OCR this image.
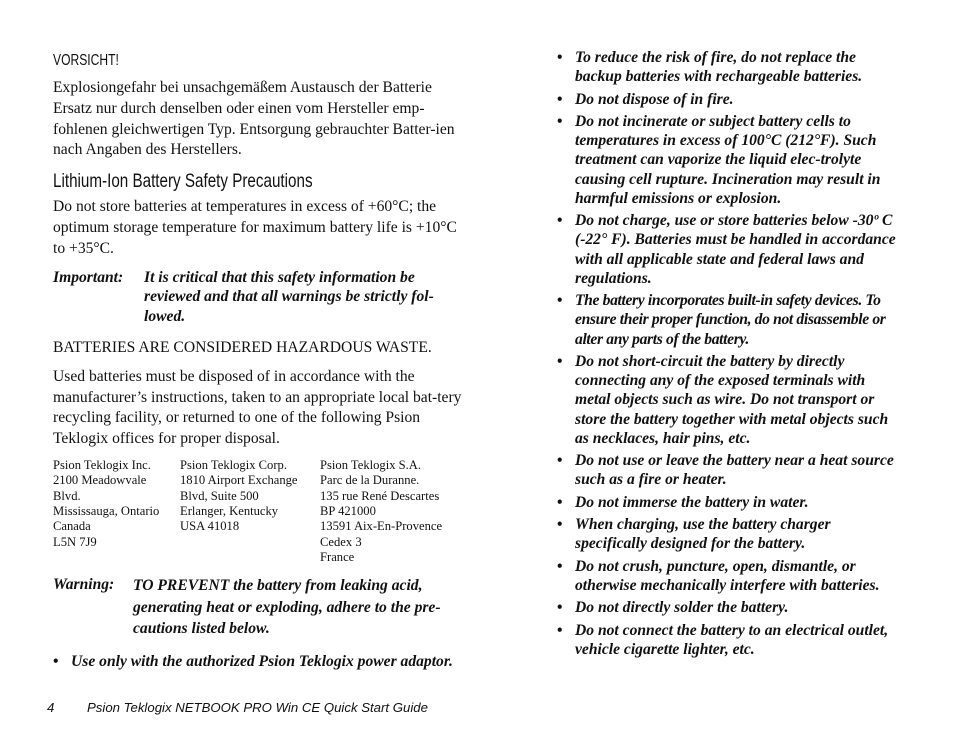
VORSICHT!

Explosiongefahr bei unsachgemäßem Austausch der Batterie Ersatz nur durch denselben oder einen vom Hersteller emp-fohlenen gleichwertigen Typ. Entsorgung gebrauchter Batter-ien nach Angaben des Herstellers.

Lithium-Ion Battery Safety Precautions

Do not store batteries at temperatures in excess of +60°C; the optimum storage temperature for maximum battery life is +10°C to +35°C.

Important:	It is critical that this safety information be reviewed and that all warnings be strictly fol-lowed.

BATTERIES ARE CONSIDERED HAZARDOUS WASTE.

Used batteries must be disposed of in accordance with the manufacturer’s instructions, taken to an appropriate local bat-tery recycling facility, or returned to one of the following Psion Teklogix offices for proper disposal.

Psion Teklogix Inc.
2100 Meadowvale
Blvd.
Mississauga, Ontario
Canada
L5N 7J9
Psion Teklogix Corp.
1810 Airport Exchange
Blvd, Suite 500
Erlanger, Kentucky
USA 41018
Psion Teklogix S.A.
Parc de la Duranne.
135 rue René Descartes
BP 421000
13591 Aix-En-Provence
Cedex 3
France
Warning:	TO PREVENT the battery from leaking acid, generating heat or exploding, adhere to the pre-cautions listed below.
• Use only with the authorized Psion Teklogix power adaptor.
• To reduce the risk of fire, do not replace the backup batteries with rechargeable batteries.
• Do not dispose of in fire.
• Do not incinerate or subject battery cells to temperatures in excess of 100°C (212°F). Such treatment can vaporize the liquid elec-trolyte causing cell rupture. Incineration may result in harmful emissions or explosion.
• Do not charge, use or store batteries below -30º C (-22° F). Batteries must be handled in accordance with all applicable state and federal laws and regulations.
• The battery incorporates built-in safety devices. To ensure their proper function, do not disassemble or alter any parts of the battery.
• Do not short-circuit the battery by directly connecting any of the exposed terminals with metal objects such as wire. Do not transport or store the battery together with metal objects such as necklaces, hair pins, etc.
• Do not use or leave the battery near a heat source such as a fire or heater.
• Do not immerse the battery in water.
• When charging, use the battery charger specifically designed for the battery.
• Do not crush, puncture, open, dismantle, or otherwise mechanically interfere with batteries.
• Do not directly solder the battery.
• Do not connect the battery to an electrical outlet, vehicle cigarette lighter, etc.
4 Psion Teklogix NETBOOK PRO Win CE Quick Start Guide
